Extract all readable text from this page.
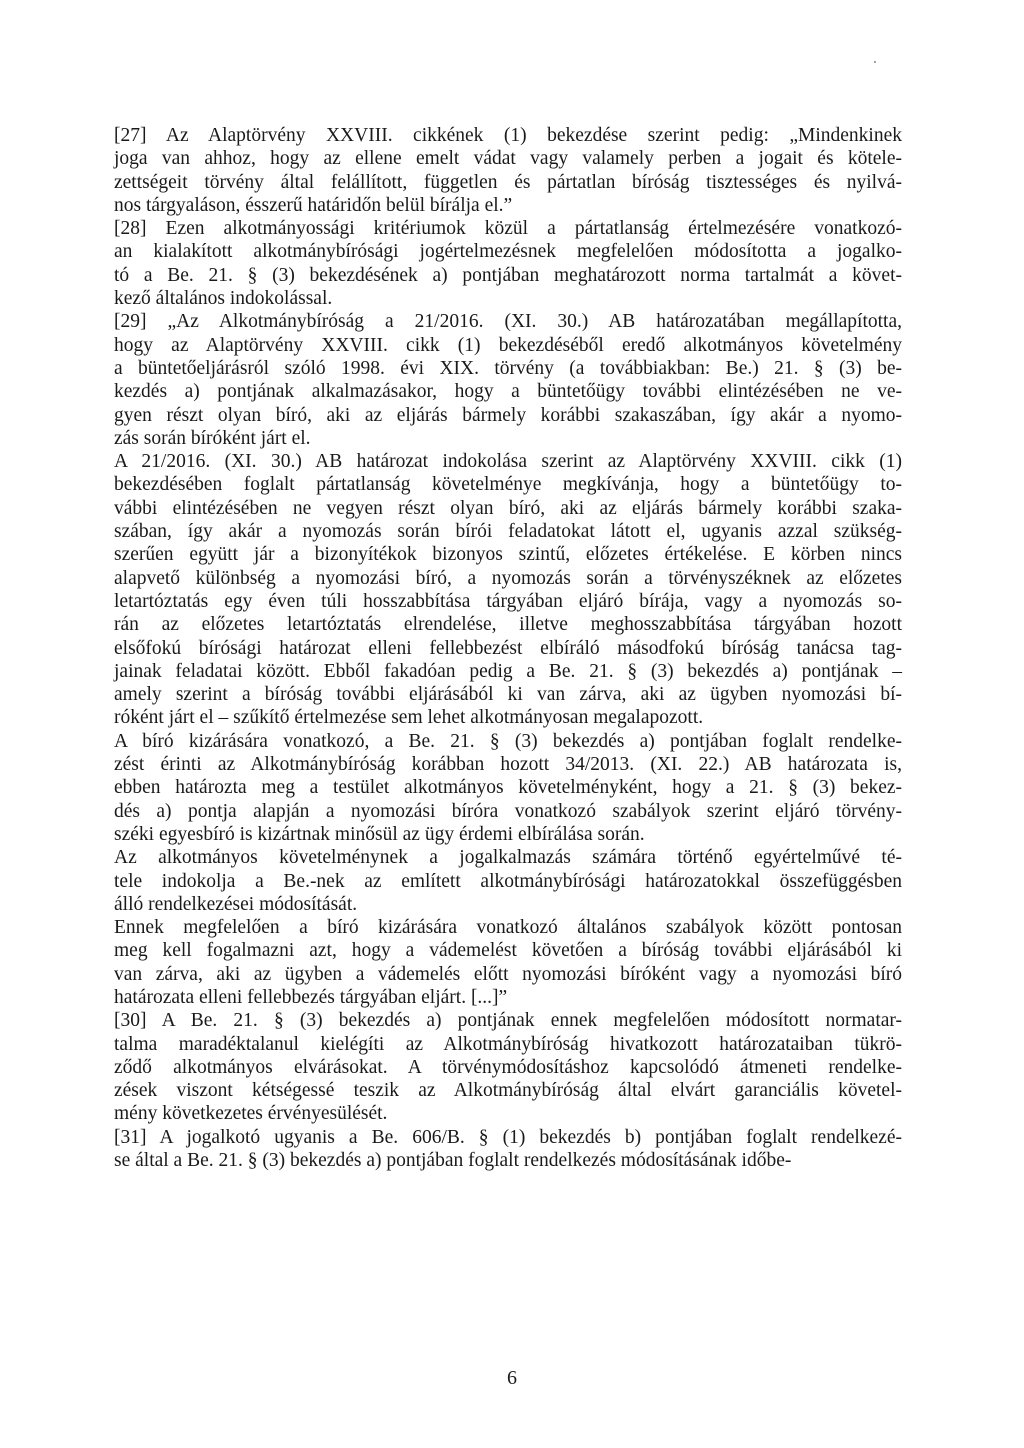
[27] Az Alaptörvény XXVIII. cikkének (1) bekezdése szerint pedig: „Mindenkinek
joga van ahhoz, hogy az ellene emelt vádat vagy valamely perben a jogait és kötele-
zettségeit törvény által felállított, független és pártatlan bíróság tisztességes és nyilvá-
nos tárgyaláson, ésszerű határidőn belül bírálja el.”
[28] Ezen alkotmányossági kritériumok közül a pártatlanság értelmezésére vonatkozó-
an kialakított alkotmánybírósági jogértelmezésnek megfelelően módosította a jogalko-
tó a Be. 21. § (3) bekezdésének a) pontjában meghatározott norma tartalmát a követ-
kező általános indokolással.
[29] „Az Alkotmánybíróság a 21/2016. (XI. 30.) AB határozatában megállapította,
hogy az Alaptörvény XXVIII. cikk (1) bekezdéséből eredő alkotmányos követelmény
a büntetőeljárásról szóló 1998. évi XIX. törvény (a továbbiakban: Be.) 21. § (3) be-
kezdés a) pontjának alkalmazásakor, hogy a büntetőügy további elintézésében ne ve-
gyen részt olyan bíró, aki az eljárás bármely korábbi szakaszában, így akár a nyomo-
zás során bíróként járt el.
A 21/2016. (XI. 30.) AB határozat indokolása szerint az Alaptörvény XXVIII. cikk (1)
bekezdésében foglalt pártatlanság követelménye megkívánja, hogy a büntetőügy to-
vábbi elintézésében ne vegyen részt olyan bíró, aki az eljárás bármely korábbi szaka-
szában, így akár a nyomozás során bírói feladatokat látott el, ugyanis azzal szükség-
szerűen együtt jár a bizonyítékok bizonyos szintű, előzetes értékelése. E körben nincs
alapvető különbség a nyomozási bíró, a nyomozás során a törvényszéknek az előzetes
letartóztatás egy éven túli hosszabbítása tárgyában eljáró bírája, vagy a nyomozás so-
rán az előzetes letartóztatás elrendelése, illetve meghosszabbítása tárgyában hozott
elsőfokú bírósági határozat elleni fellebbezést elbíráló másodfokú bíróság tanácsa tag-
jainak feladatai között. Ebből fakadóan pedig a Be. 21. § (3) bekezdés a) pontjának –
amely szerint a bíróság további eljárásából ki van zárva, aki az ügyben nyomozási bí-
róként járt el – szűkítő értelmezése sem lehet alkotmányosan megalapozott.
A bíró kizárására vonatkozó, a Be. 21. § (3) bekezdés a) pontjában foglalt rendelke-
zést érinti az Alkotmánybíróság korábban hozott 34/2013. (XI. 22.) AB határozata is,
ebben határozta meg a testület alkotmányos követelményként, hogy a 21. § (3) bekez-
dés a) pontja alapján a nyomozási bíróra vonatkozó szabályok szerint eljáró törvény-
széki egyesbíró is kizártnak minősül az ügy érdemi elbírálása során.
Az alkotmányos követelménynek a jogalkalmazás számára történő egyértelművé té-
tele indokolja a Be.-nek az említett alkotmánybírósági határozatokkal összefüggésben
álló rendelkezései módosítását.
Ennek megfelelően a bíró kizárására vonatkozó általános szabályok között pontosan
meg kell fogalmazni azt, hogy a vádemelést követően a bíróság további eljárásából ki
van zárva, aki az ügyben a vádemelés előtt nyomozási bíróként vagy a nyomozási bíró
határozata elleni fellebbezés tárgyában eljárt. [...]”
[30] A Be. 21. § (3) bekezdés a) pontjának ennek megfelelően módosított normatar-
talma maradéktalanul kielégíti az Alkotmánybíróság hivatkozott határozataiban tükrö-
ződő alkotmányos elvárásokat. A törvénymódosításhoz kapcsolódó átmeneti rendelke-
zések viszont kétségessé teszik az Alkotmánybíróság által elvárt garanciális követel-
mény következetes érvényesülését.
[31] A jogalkotó ugyanis a Be. 606/B. § (1) bekezdés b) pontjában foglalt rendelkezé-
se által a Be. 21. § (3) bekezdés a) pontjában foglalt rendelkezés módosításának időbe-
6
